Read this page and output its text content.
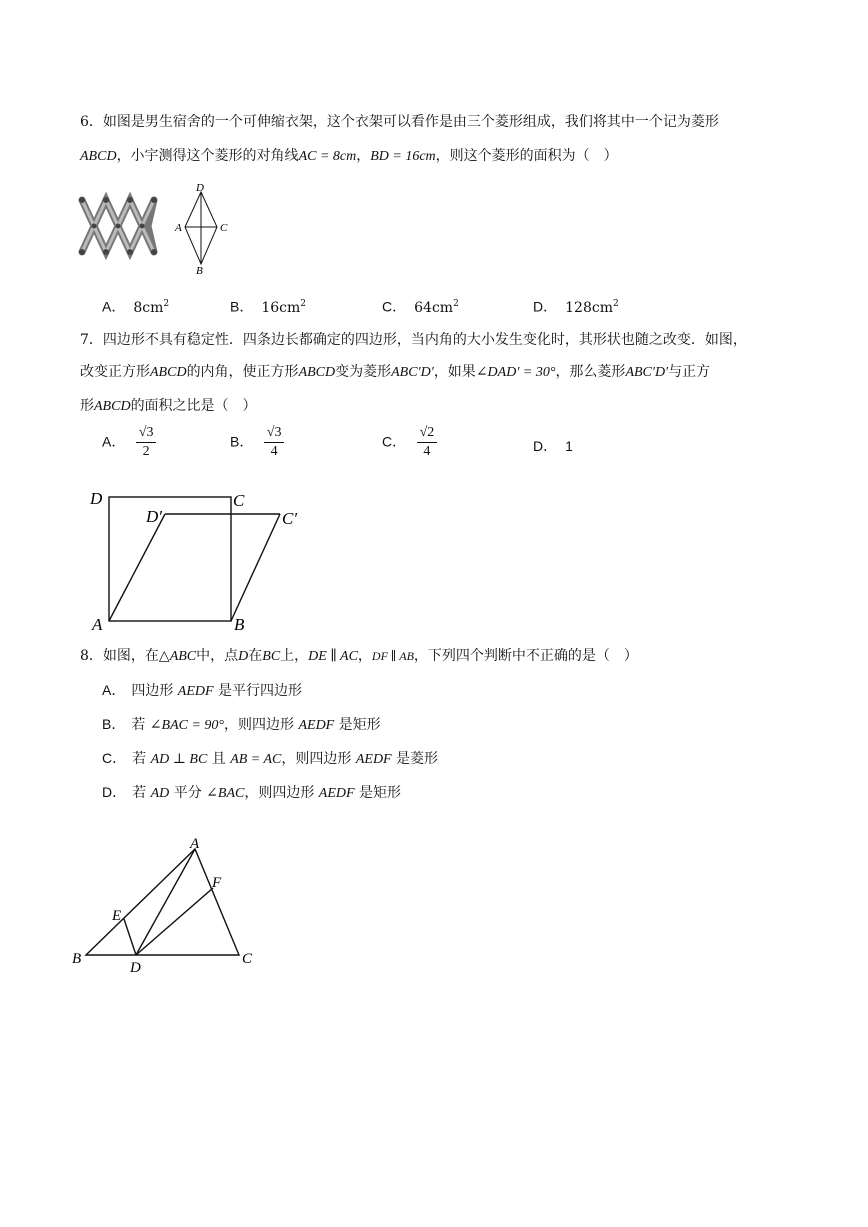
6．如图是男生宿舍的一个可伸缩衣架，这个衣架可以看作是由三个菱形组成，我们将其中一个记为菱形
ABCD，小宇测得这个菱形的对角线AC = 8cm，BD = 16cm，则这个菱形的面积为（　）
D
A	C
B
A． $8cm^2$	B． $16cm^2$	C． $64cm^2$	D． $128cm^2$
7．四边形不具有稳定性．四条边长都确定的四边形，当内角的大小发生变化时，其形状也随之改变．如图，
改变正方形ABCD的内角，使正方形ABCD变为菱形ABC′D′，如果∠DAD′ = 30°，那么菱形ABC′D′与正方
形ABCD的面积之比是（　）
A． $\frac{√3}{2}$	B． $\frac{√3}{4}$	C． $\frac{√2}{4}$	D． 1
D
D′
C
C′
A	B
8．如图，在△ABC中，点D在BC上，DE ∥ AC，DF ∥ AB，下列四个判断中不正确的是（　）
A． 四边形 AEDF 是平行四边形
B． 若 ∠BAC = 90°，则四边形 AEDF 是矩形
C． 若 AD ⊥ BC 且 AB = AC，则四边形 AEDF 是菱形
D． 若 AD 平分 ∠BAC，则四边形 AEDF 是矩形
A
B	C
D
E
F
